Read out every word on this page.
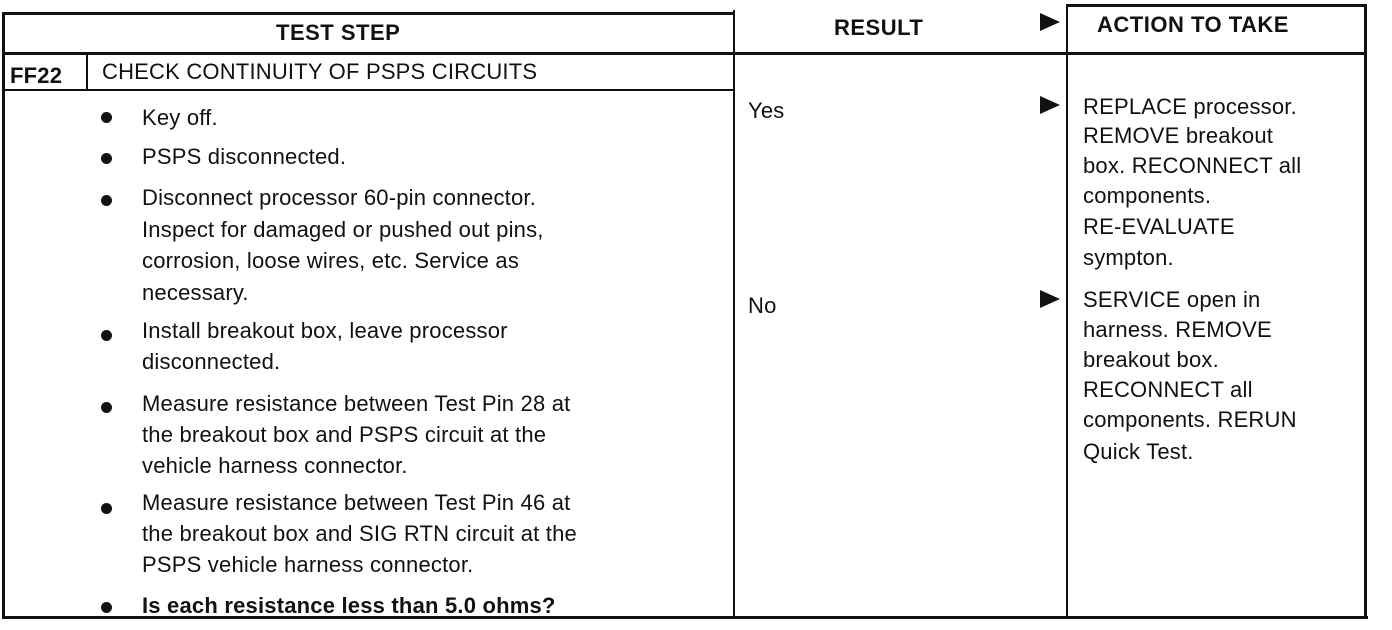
TEST STEP	RESULT	ACTION TO TAKE
FF22 CHECK CONTINUITY OF PSPS CIRCUITS
Key off.
PSPS disconnected.
Disconnect processor 60-pin connector.
Inspect for damaged or pushed out pins,
corrosion, loose wires, etc. Service as
necessary.
Install breakout box, leave processor
disconnected.
Measure resistance between Test Pin 28 at
the breakout box and PSPS circuit at the
vehicle harness connector.
Measure resistance between Test Pin 46 at
the breakout box and SIG RTN circuit at the
PSPS vehicle harness connector.
Is each resistance less than 5.0 ohms?
Yes	REPLACE processor.
REMOVE breakout
box. RECONNECT all
components.
RE-EVALUATE
sympton.
No	SERVICE open in
harness. REMOVE
breakout box.
RECONNECT all
components. RERUN
Quick Test.
